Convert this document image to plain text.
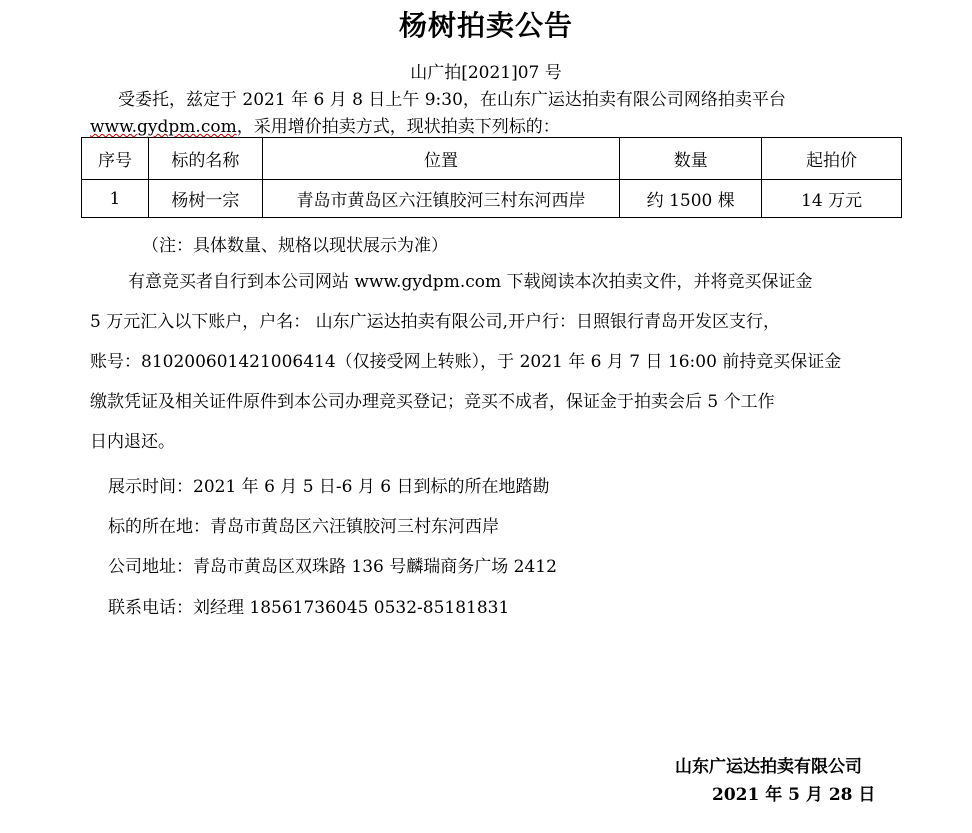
杨树拍卖公告
山广拍[2021]07 号
受委托，兹定于 2021 年 6 月 8 日上午 9:30，在山东广运达拍卖有限公司网络拍卖平台
www.gydpm.com，采用增价拍卖方式，现状拍卖下列标的：
序号	标的名称	位置	数量	起拍价
1	杨树一宗	青岛市黄岛区六汪镇胶河三村东河西岸	约 1500 棵	14 万元
（注：具体数量、规格以现状展示为准）
有意竞买者自行到本公司网站 www.gydpm.com 下载阅读本次拍卖文件，并将竞买保证金
5 万元汇入以下账户，户名： 山东广运达拍卖有限公司,开户行：日照银行青岛开发区支行，
账号：810200601421006414（仅接受网上转账），于 2021 年 6 月 7 日 16:00 前持竞买保证金
缴款凭证及相关证件原件到本公司办理竞买登记；竞买不成者，保证金于拍卖会后 5 个工作
日内退还。
展示时间：2021 年 6 月 5 日-6 月 6 日到标的所在地踏勘
标的所在地：青岛市黄岛区六汪镇胶河三村东河西岸
公司地址：青岛市黄岛区双珠路 136 号麟瑞商务广场 2412
联系电话：刘经理 18561736045 0532-85181831
山东广运达拍卖有限公司
2021 年 5 月 28 日
